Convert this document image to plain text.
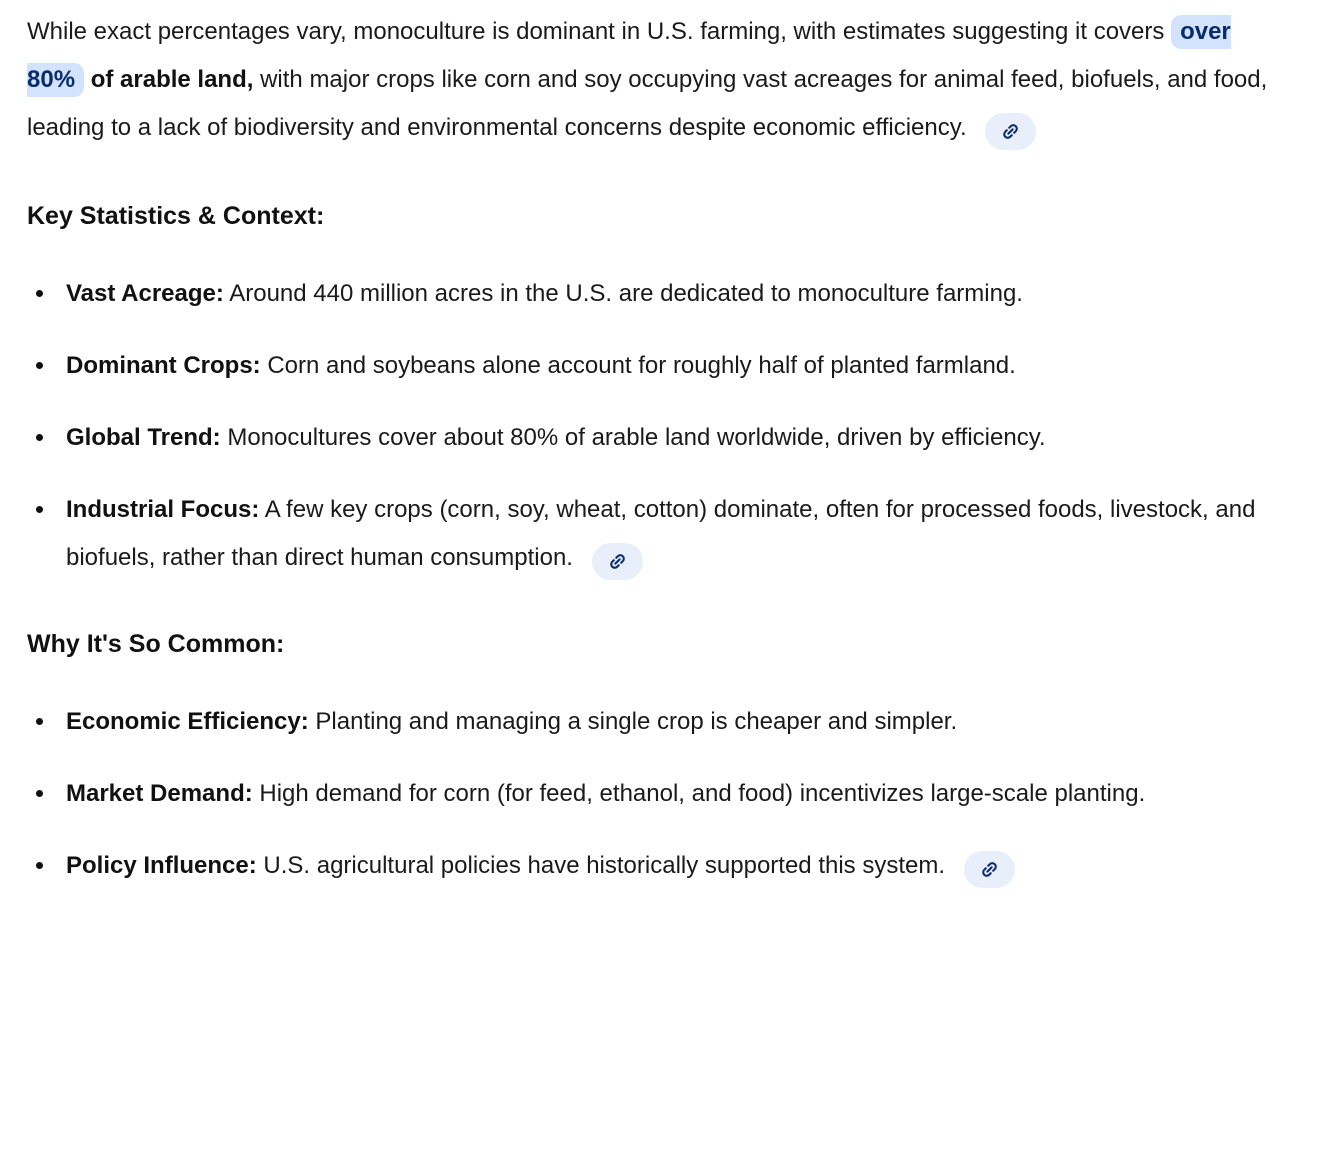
While exact percentages vary, monoculture is dominant in U.S. farming, with estimates suggesting it covers over 80% of arable land, with major crops like corn and soy occupying vast acreages for animal feed, biofuels, and food, leading to a lack of biodiversity and environmental concerns despite economic efficiency.

Key Statistics & Context:
Vast Acreage: Around 440 million acres in the U.S. are dedicated to monoculture farming.
Dominant Crops: Corn and soybeans alone account for roughly half of planted farmland.
Global Trend: Monocultures cover about 80% of arable land worldwide, driven by efficiency.
Industrial Focus: A few key crops (corn, soy, wheat, cotton) dominate, often for processed foods, livestock, and biofuels, rather than direct human consumption.
Why It's So Common:
Economic Efficiency: Planting and managing a single crop is cheaper and simpler.
Market Demand: High demand for corn (for feed, ethanol, and food) incentivizes large-scale planting.
Policy Influence: U.S. agricultural policies have historically supported this system.
